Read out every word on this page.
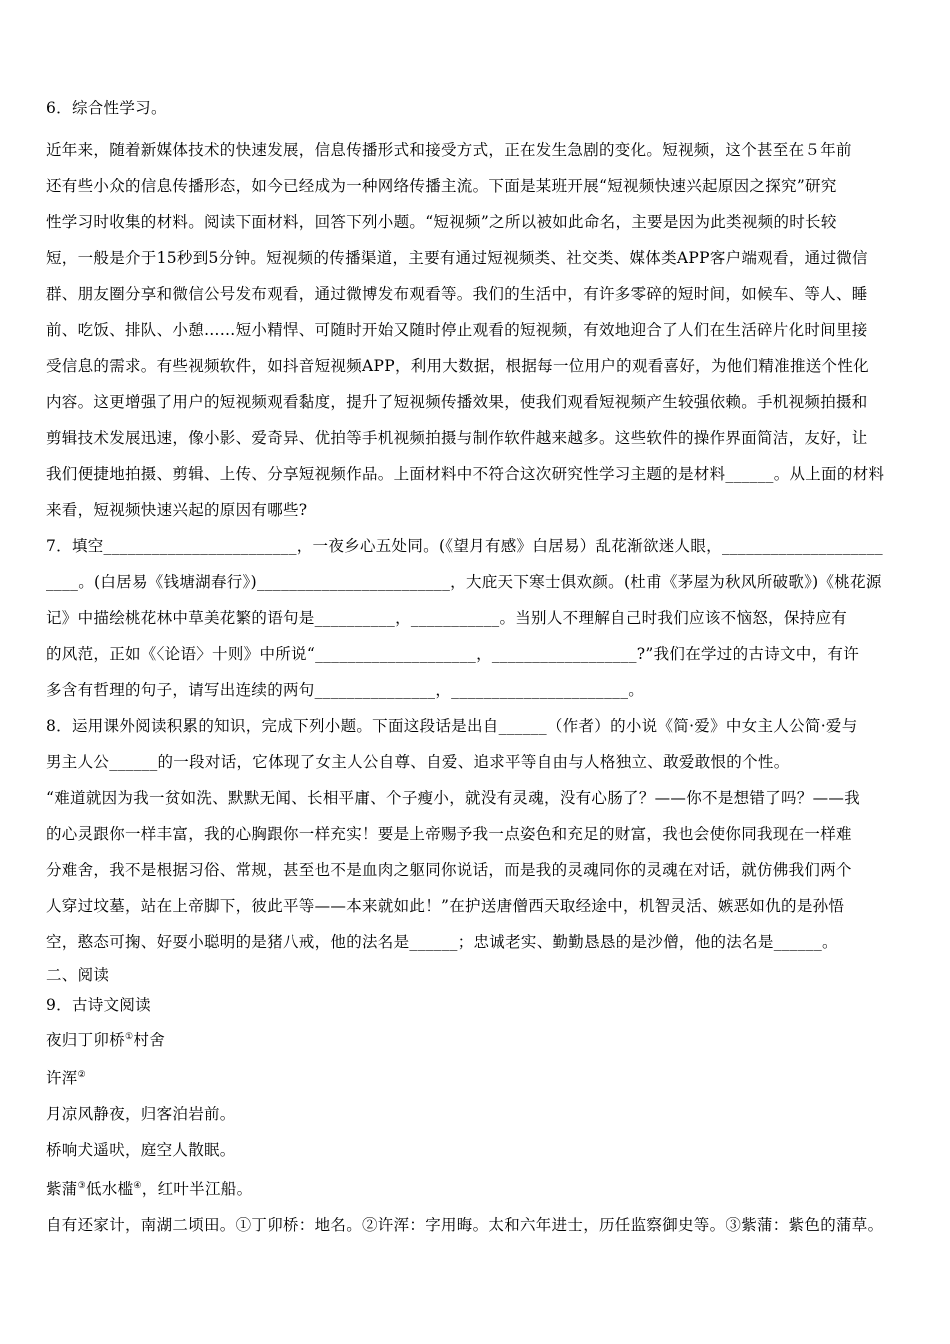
6．综合性学习。
近年来，随着新媒体技术的快速发展，信息传播形式和接受方式，正在发生急剧的变化。短视频，这个甚至在５年前
还有些小众的信息传播形态，如今已经成为一种网络传播主流。下面是某班开展“短视频快速兴起原因之探究”研究
性学习时收集的材料。阅读下面材料，回答下列小题。“短视频”之所以被如此命名，主要是因为此类视频的时长较
短，一般是介于15秒到5分钟。短视频的传播渠道，主要有通过短视频类、社交类、媒体类APP客户端观看，通过微信
群、朋友圈分享和微信公号发布观看，通过微博发布观看等。我们的生活中，有许多零碎的短时间，如候车、等人、睡
前、吃饭、排队、小憩……短小精悍、可随时开始又随时停止观看的短视频，有效地迎合了人们在生活碎片化时间里接
受信息的需求。有些视频软件，如抖音短视频APP，利用大数据，根据每一位用户的观看喜好，为他们精准推送个性化
内容。这更增强了用户的短视频观看黏度，提升了短视频传播效果，使我们观看短视频产生较强依赖。手机视频拍摄和
剪辑技术发展迅速，像小影、爱奇异、优拍等手机视频拍摄与制作软件越来越多。这些软件的操作界面简洁，友好，让
我们便捷地拍摄、剪辑、上传、分享短视频作品。上面材料中不符合这次研究性学习主题的是材料______。从上面的材料
来看，短视频快速兴起的原因有哪些?
7．填空________________________，一夜乡心五处同。(《望月有感》白居易）乱花渐欲迷人眼，____________________
____。(白居易《钱塘湖春行》)________________________，大庇天下寒士俱欢颜。(杜甫《茅屋为秋风所破歌》)《桃花源
记》中描绘桃花林中草美花繁的语句是__________，___________。当别人不理解自己时我们应该不恼怒，保持应有
的风范，正如《〈论语〉十则》中所说“____________________，__________________?”我们在学过的古诗文中，有许
多含有哲理的句子，请写出连续的两句_______________，______________________。
8．运用课外阅读积累的知识，完成下列小题。下面这段话是出自______（作者）的小说《简·爱》中女主人公简·爱与
男主人公______的一段对话，它体现了女主人公自尊、自爱、追求平等自由与人格独立、敢爱敢恨的个性。
“难道就因为我一贫如洗、默默无闻、长相平庸、个子瘦小，就没有灵魂，没有心肠了？——你不是想错了吗？——我
的心灵跟你一样丰富，我的心胸跟你一样充实！要是上帝赐予我一点姿色和充足的财富，我也会使你同我现在一样难
分难舍，我不是根据习俗、常规，甚至也不是血肉之躯同你说话，而是我的灵魂同你的灵魂在对话，就仿佛我们两个
人穿过坟墓，站在上帝脚下，彼此平等——本来就如此！”在护送唐僧西天取经途中，机智灵活、嫉恶如仇的是孙悟
空，憨态可掬、好耍小聪明的是猪八戒，他的法名是______；忠诚老实、勤勤恳恳的是沙僧，他的法名是______。
二、阅读
9．古诗文阅读
夜归丁卯桥①村舍
许浑②
月凉风静夜，归客泊岩前。
桥响犬遥吠，庭空人散眠。
紫蒲③低水槛④，红叶半江船。
自有还家计，南湖二顷田。①丁卯桥：地名。②许浑：字用晦。太和六年进士，历任监察御史等。③紫蒲：紫色的蒲草。
